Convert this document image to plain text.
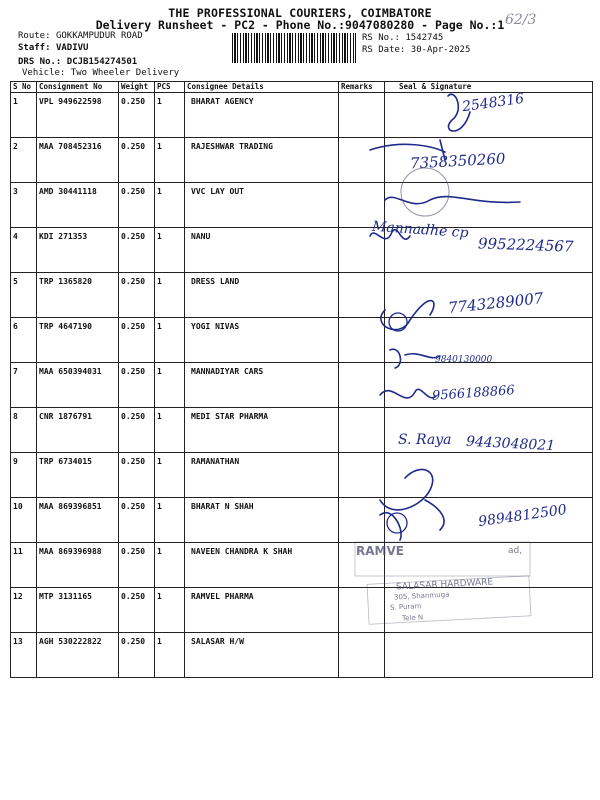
THE PROFESSIONAL COURIERS, COIMBATORE
Delivery Runsheet - PC2 - Phone No.:9047080280 - Page No.:1 62/3
Route: GOKKAMPUDUR ROAD
Staff: VADIVU
DRS No.: DCJB154274501
Vehicle: Two Wheeler Delivery
RS No.: 1542745
RS Date: 30-Apr-2025
S No	Consignment No	Weight	PCS	Consignee Details	Remarks	Seal & Signature
1	VPL 949622598	0.250	1	BHARAT AGENCY		
2	MAA 708452316	0.250	1	RAJESHWAR TRADING		
3	AMD 30441118	0.250	1	VVC LAY OUT		
4	KDI 271353	0.250	1	NANU		
5	TRP 1365820	0.250	1	DRESS LAND		
6	TRP 4647190	0.250	1	YOGI NIVAS		
7	MAA 650394031	0.250	1	MANNADIYAR CARS		
8	CNR 1876791	0.250	1	MEDI STAR PHARMA		
9	TRP 6734015	0.250	1	RAMANATHAN		
10	MAA 869396851	0.250	1	BHARAT N SHAH		
11	MAA 869396988	0.250	1	NAVEEN CHANDRA K SHAH		
12	MTP 3131165	0.250	1	RAMVEL PHARMA		
13	AGH 530222822	0.250	1	SALASAR H/W		
2548316
7358350260
Mannadhe cp
9952224567
7743289007
9840130000
9566188866
S. Raya 9443048021
9894812500
RAMVE	ad,
SALASAR HARDWARE
305, Shanmuga
S. Puram
Tele N
